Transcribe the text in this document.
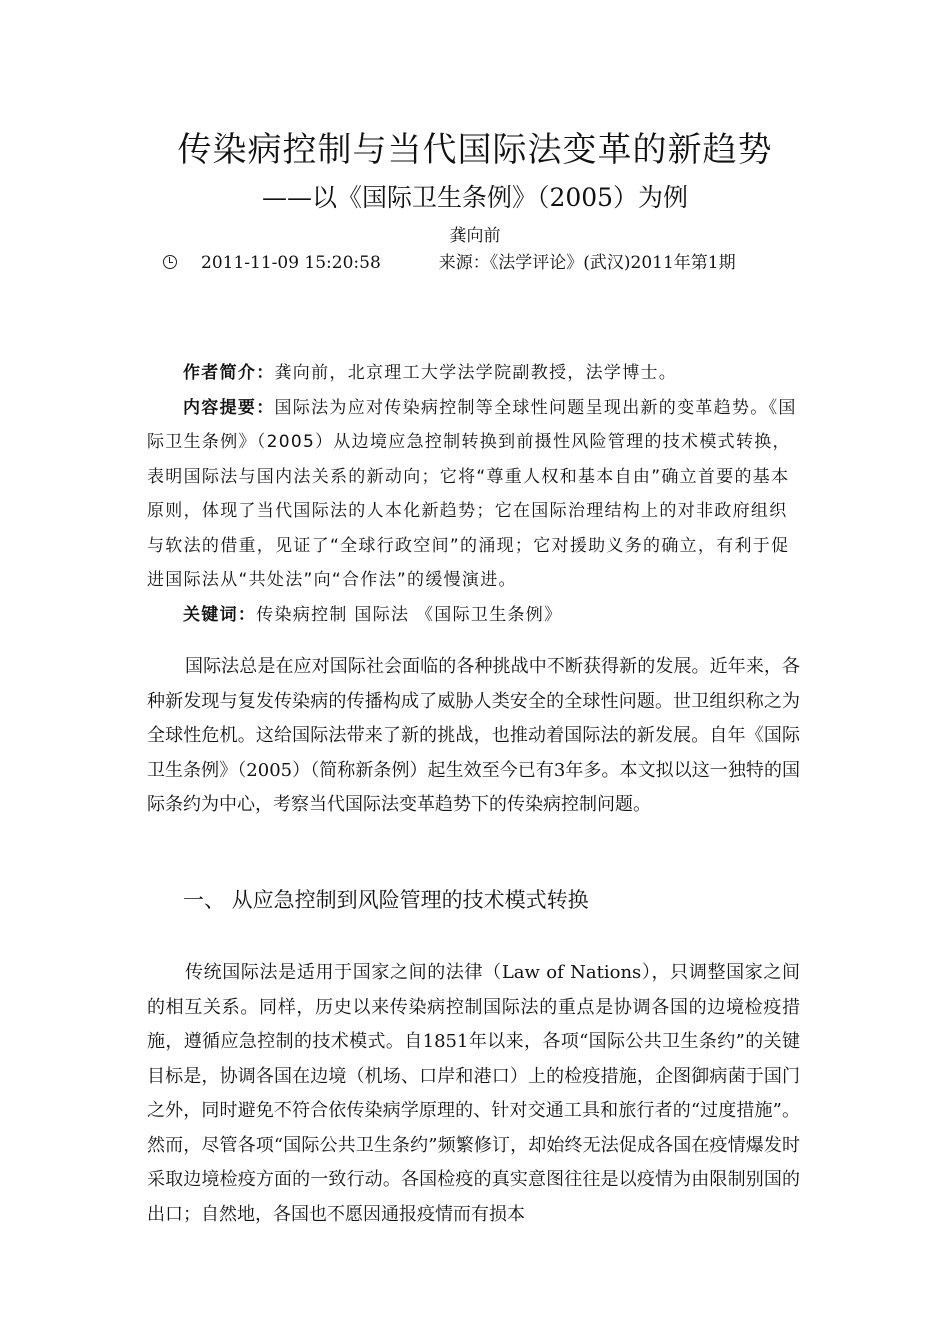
传染病控制与当代国际法变革的新趋势
——以《国际卫生条例》（2005）为例
龚向前
2011-11-09 15:20:58	来源：《法学评论》(武汉)2011年第1期

作者简介：龚向前，北京理工大学法学院副教授，法学博士。

内容提要：国际法为应对传染病控制等全球性问题呈现出新的变革趋势。《国际卫生条例》（2005）从边境应急控制转换到前摄性风险管理的技术模式转换，表明国际法与国内法关系的新动向；它将“尊重人权和基本自由”确立首要的基本原则，体现了当代国际法的人本化新趋势；它在国际治理结构上的对非政府组织与软法的借重，见证了“全球行政空间”的涌现；它对援助义务的确立，有利于促进国际法从“共处法”向“合作法”的缓慢演进。

关键词：传染病控制 国际法 《国际卫生条例》

国际法总是在应对国际社会面临的各种挑战中不断获得新的发展。近年来，各种新发现与复发传染病的传播构成了威胁人类安全的全球性问题。世卫组织称之为全球性危机。这给国际法带来了新的挑战，也推动着国际法的新发展。自年《国际卫生条例》（2005）（简称新条例）起生效至今已有3年多。本文拟以这一独特的国际条约为中心，考察当代国际法变革趋势下的传染病控制问题。

一、 从应急控制到风险管理的技术模式转换

传统国际法是适用于国家之间的法律（Law of Nations），只调整国家之间的相互关系。同样，历史以来传染病控制国际法的重点是协调各国的边境检疫措施，遵循应急控制的技术模式。自1851年以来，各项“国际公共卫生条约”的关键目标是，协调各国在边境（机场、口岸和港口）上的检疫措施，企图御病菌于国门之外，同时避免不符合依传染病学原理的、针对交通工具和旅行者的“过度措施”。然而，尽管各项“国际公共卫生条约”频繁修订，却始终无法促成各国在疫情爆发时采取边境检疫方面的一致行动。各国检疫的真实意图往往是以疫情为由限制别国的出口；自然地，各国也不愿因通报疫情而有损本
